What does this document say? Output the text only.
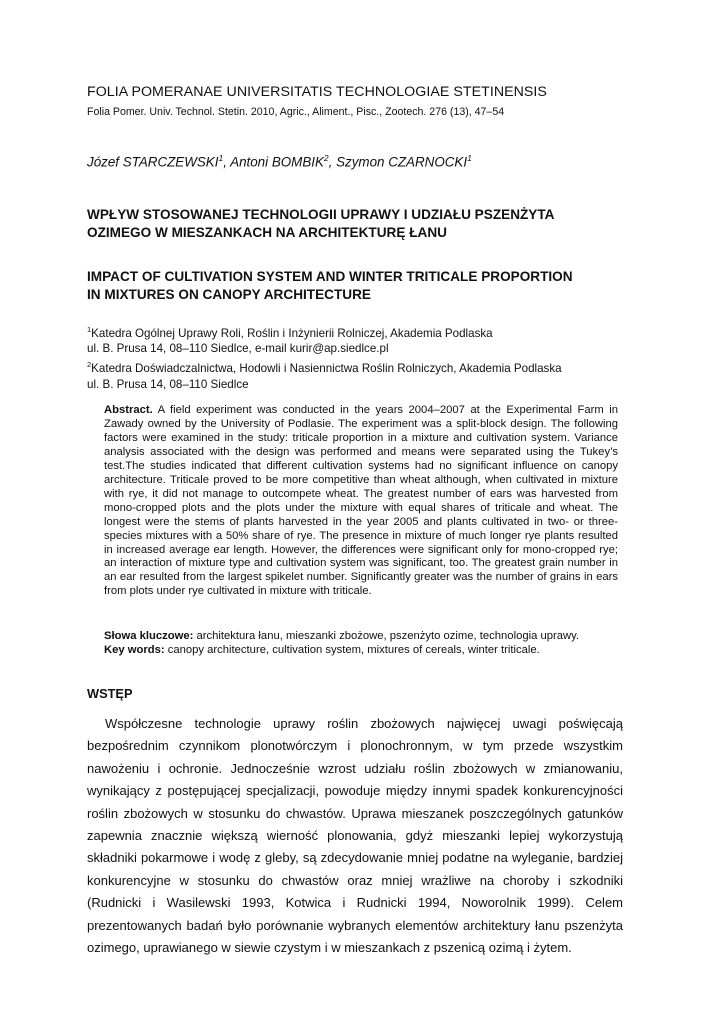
FOLIA POMERANAE UNIVERSITATIS TECHNOLOGIAE STETINENSIS
Folia Pomer. Univ. Technol. Stetin. 2010, Agric., Aliment., Pisc., Zootech. 276 (13), 47–54
Józef STARCZEWSKI$^1$, Antoni BOMBIK$^2$, Szymon CZARNOCKI$^1$
WPŁYW STOSOWANEJ TECHNOLOGII UPRAWY I UDZIAŁU PSZENŻYTA
OZIMEGO W MIESZANKACH NA ARCHITEKTURĘ ŁANU
IMPACT OF CULTIVATION SYSTEM AND WINTER TRITICALE PROPORTION
IN MIXTURES ON CANOPY ARCHITECTURE
$^1$Katedra Ogólnej Uprawy Roli, Roślin i Inżynierii Rolniczej, Akademia Podlaska
ul. B. Prusa 14, 08–110 Siedlce, e-mail kurir@ap.siedlce.pl
$^2$Katedra Doświadczalnictwa, Hodowli i Nasiennictwa Roślin Rolniczych, Akademia Podlaska
ul. B. Prusa 14, 08–110 Siedlce
Abstract. A field experiment was conducted in the years 2004–2007 at the Experimental Farm in Zawady owned by the University of Podlasie. The experiment was a split-block design. The following factors were examined in the study: triticale proportion in a mixture and cultivation system. Variance analysis associated with the design was performed and means were separated using the Tukey’s test.The studies indicated that different cultivation systems had no significant influence on canopy architecture. Triticale proved to be more competitive than wheat although, when cultivated in mixture with rye, it did not manage to outcompete wheat. The greatest number of ears was harvested from mono-cropped plots and the plots under the mixture with equal shares of triticale and wheat. The longest were the stems of plants harvested in the year 2005 and plants cultivated in two- or three-species mixtures with a 50% share of rye. The presence in mixture of much longer rye plants resulted in increased average ear length. However, the differences were significant only for mono-cropped rye; an interaction of mixture type and cultivation system was significant, too. The greatest grain number in an ear resulted from the largest spikelet number. Significantly greater was the number of grains in ears from plots under rye cultivated in mixture with triticale.
Słowa kluczowe: architektura łanu, mieszanki zbożowe, pszenżyto ozime, technologia uprawy.
Key words: canopy architecture, cultivation system, mixtures of cereals, winter triticale.
WSTĘP
Współczesne technologie uprawy roślin zbożowych najwięcej uwagi poświęcają bezpośrednim czynnikom plonotwórczym i plonochronnym, w tym przede wszystkim nawożeniu i ochronie. Jednocześnie wzrost udziału roślin zbożowych w zmianowaniu, wynikający z postępującej specjalizacji, powoduje między innymi spadek konkurencyjności roślin zbożowych w stosunku do chwastów. Uprawa mieszanek poszczególnych gatunków zapewnia znacznie większą wierność plonowania, gdyż mieszanki lepiej wykorzystują składniki pokarmowe i wodę z gleby, są zdecydowanie mniej podatne na wyleganie, bardziej konkurencyjne w stosunku do chwastów oraz mniej wrażliwe na choroby i szkodniki (Rudnicki i Wasilewski 1993, Kotwica i Rudnicki 1994, Noworolnik 1999). Celem prezentowanych badań było porównanie wybranych elementów architektury łanu pszenżyta ozimego, uprawianego w siewie czystym i w mieszankach z pszenicą ozimą i żytem.
